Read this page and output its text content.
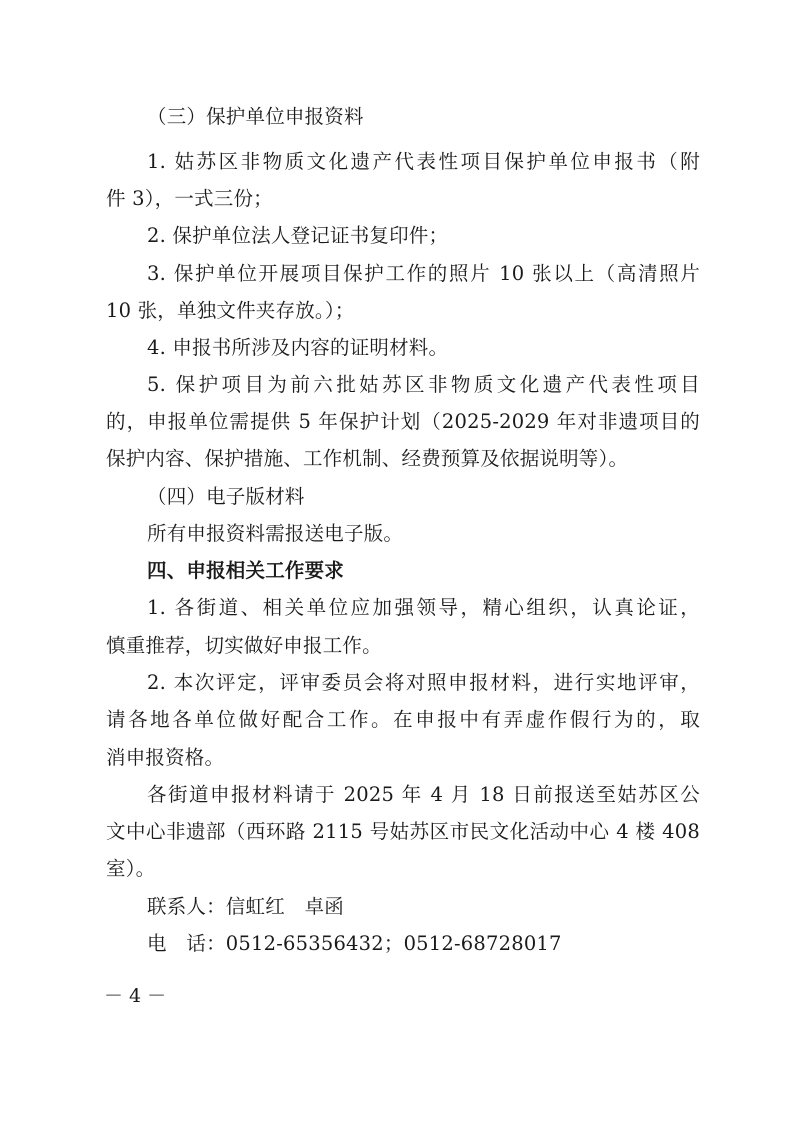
（三）保护单位申报资料
1. 姑苏区非物质文化遗产代表性项目保护单位申报书（附
件 3），一式三份；
2. 保护单位法人登记证书复印件；
3. 保护单位开展项目保护工作的照片 10 张以上（高清照片
10 张，单独文件夹存放。）；
4. 申报书所涉及内容的证明材料。
5. 保护项目为前六批姑苏区非物质文化遗产代表性项目
的，申报单位需提供 5 年保护计划（2025-2029 年对非遗项目的
保护内容、保护措施、工作机制、经费预算及依据说明等）。
（四）电子版材料
所有申报资料需报送电子版。
四、申报相关工作要求
1. 各街道、相关单位应加强领导，精心组织，认真论证，
慎重推荐，切实做好申报工作。
2. 本次评定，评审委员会将对照申报材料，进行实地评审，
请各地各单位做好配合工作。在申报中有弄虚作假行为的，取
消申报资格。
各街道申报材料请于 2025 年 4 月 18 日前报送至姑苏区公
文中心非遗部（西环路 2115 号姑苏区市民文化活动中心 4 楼 408
室）。
联系人：信虹红　卓函
电　话：0512-65356432；0512-68728017
－ 4 －
